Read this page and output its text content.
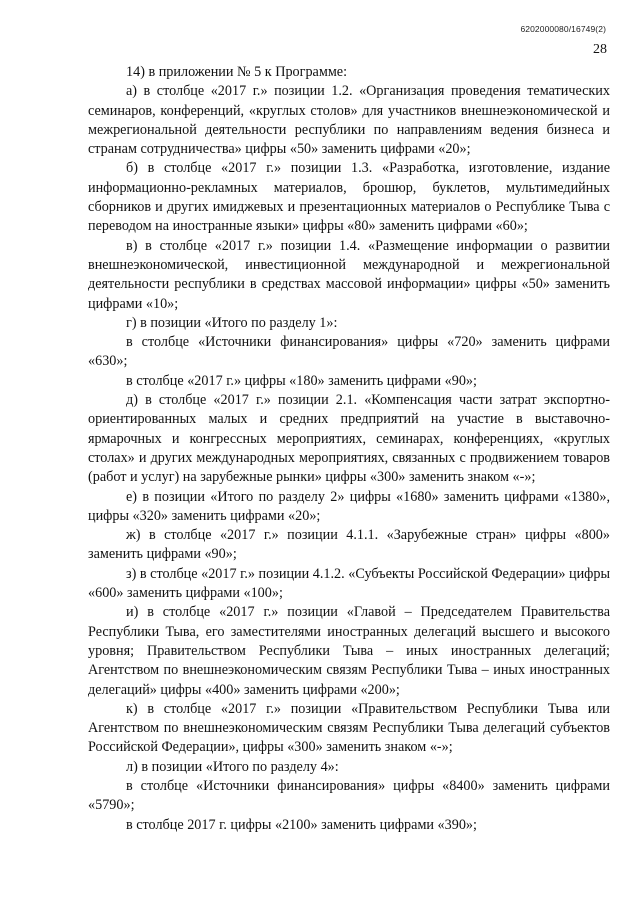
6202000080/16749(2)
28

14) в приложении № 5 к Программе:

а) в столбце «2017 г.» позиции 1.2. «Организация проведения тематических семинаров, конференций, «круглых столов» для участников внешнеэкономической и межрегиональной деятельности республики по направлениям ведения бизнеса и странам сотрудничества» цифры «50» заменить цифрами «20»;

б) в столбце «2017 г.» позиции 1.3. «Разработка, изготовление, издание информационно-рекламных материалов, брошюр, буклетов, мультимедийных сборников и других имиджевых и презентационных материалов о Республике Тыва с переводом на иностранные языки» цифры «80» заменить цифрами «60»;

в) в столбце «2017 г.» позиции 1.4. «Размещение информации о развитии внешнеэкономической, инвестиционной международной и межрегиональной деятельности республики в средствах массовой информации» цифры «50» заменить цифрами «10»;

г) в позиции «Итого по разделу 1»:

в столбце «Источники финансирования» цифры «720» заменить цифрами «630»;

в столбце «2017 г.» цифры «180» заменить цифрами «90»;

д) в столбце «2017 г.» позиции 2.1. «Компенсация части затрат экспортно-ориентированных малых и средних предприятий на участие в выставочно-ярмарочных и конгрессных мероприятиях, семинарах, конференциях, «круглых столах» и других международных мероприятиях, связанных с продвижением товаров (работ и услуг) на зарубежные рынки» цифры «300» заменить знаком «-»;

е) в позиции «Итого по разделу 2» цифры «1680» заменить цифрами «1380», цифры «320» заменить цифрами «20»;

ж) в столбце «2017 г.» позиции 4.1.1. «Зарубежные стран» цифры «800» заменить цифрами «90»;

з) в столбце «2017 г.» позиции 4.1.2. «Субъекты Российской Федерации» цифры «600» заменить цифрами «100»;

и) в столбце «2017 г.» позиции «Главой – Председателем Правительства Республики Тыва, его заместителями иностранных делегаций высшего и высокого уровня; Правительством Республики Тыва – иных иностранных делегаций; Агентством по внешнеэкономическим связям Республики Тыва – иных иностранных делегаций» цифры «400» заменить цифрами «200»;

к) в столбце «2017 г.» позиции «Правительством Республики Тыва или Агентством по внешнеэкономическим связям Республики Тыва делегаций субъектов Российской Федерации», цифры «300» заменить знаком «-»;

л) в позиции «Итого по разделу 4»:

в столбце «Источники финансирования» цифры «8400» заменить цифрами «5790»;

в столбце 2017 г. цифры «2100» заменить цифрами «390»;
